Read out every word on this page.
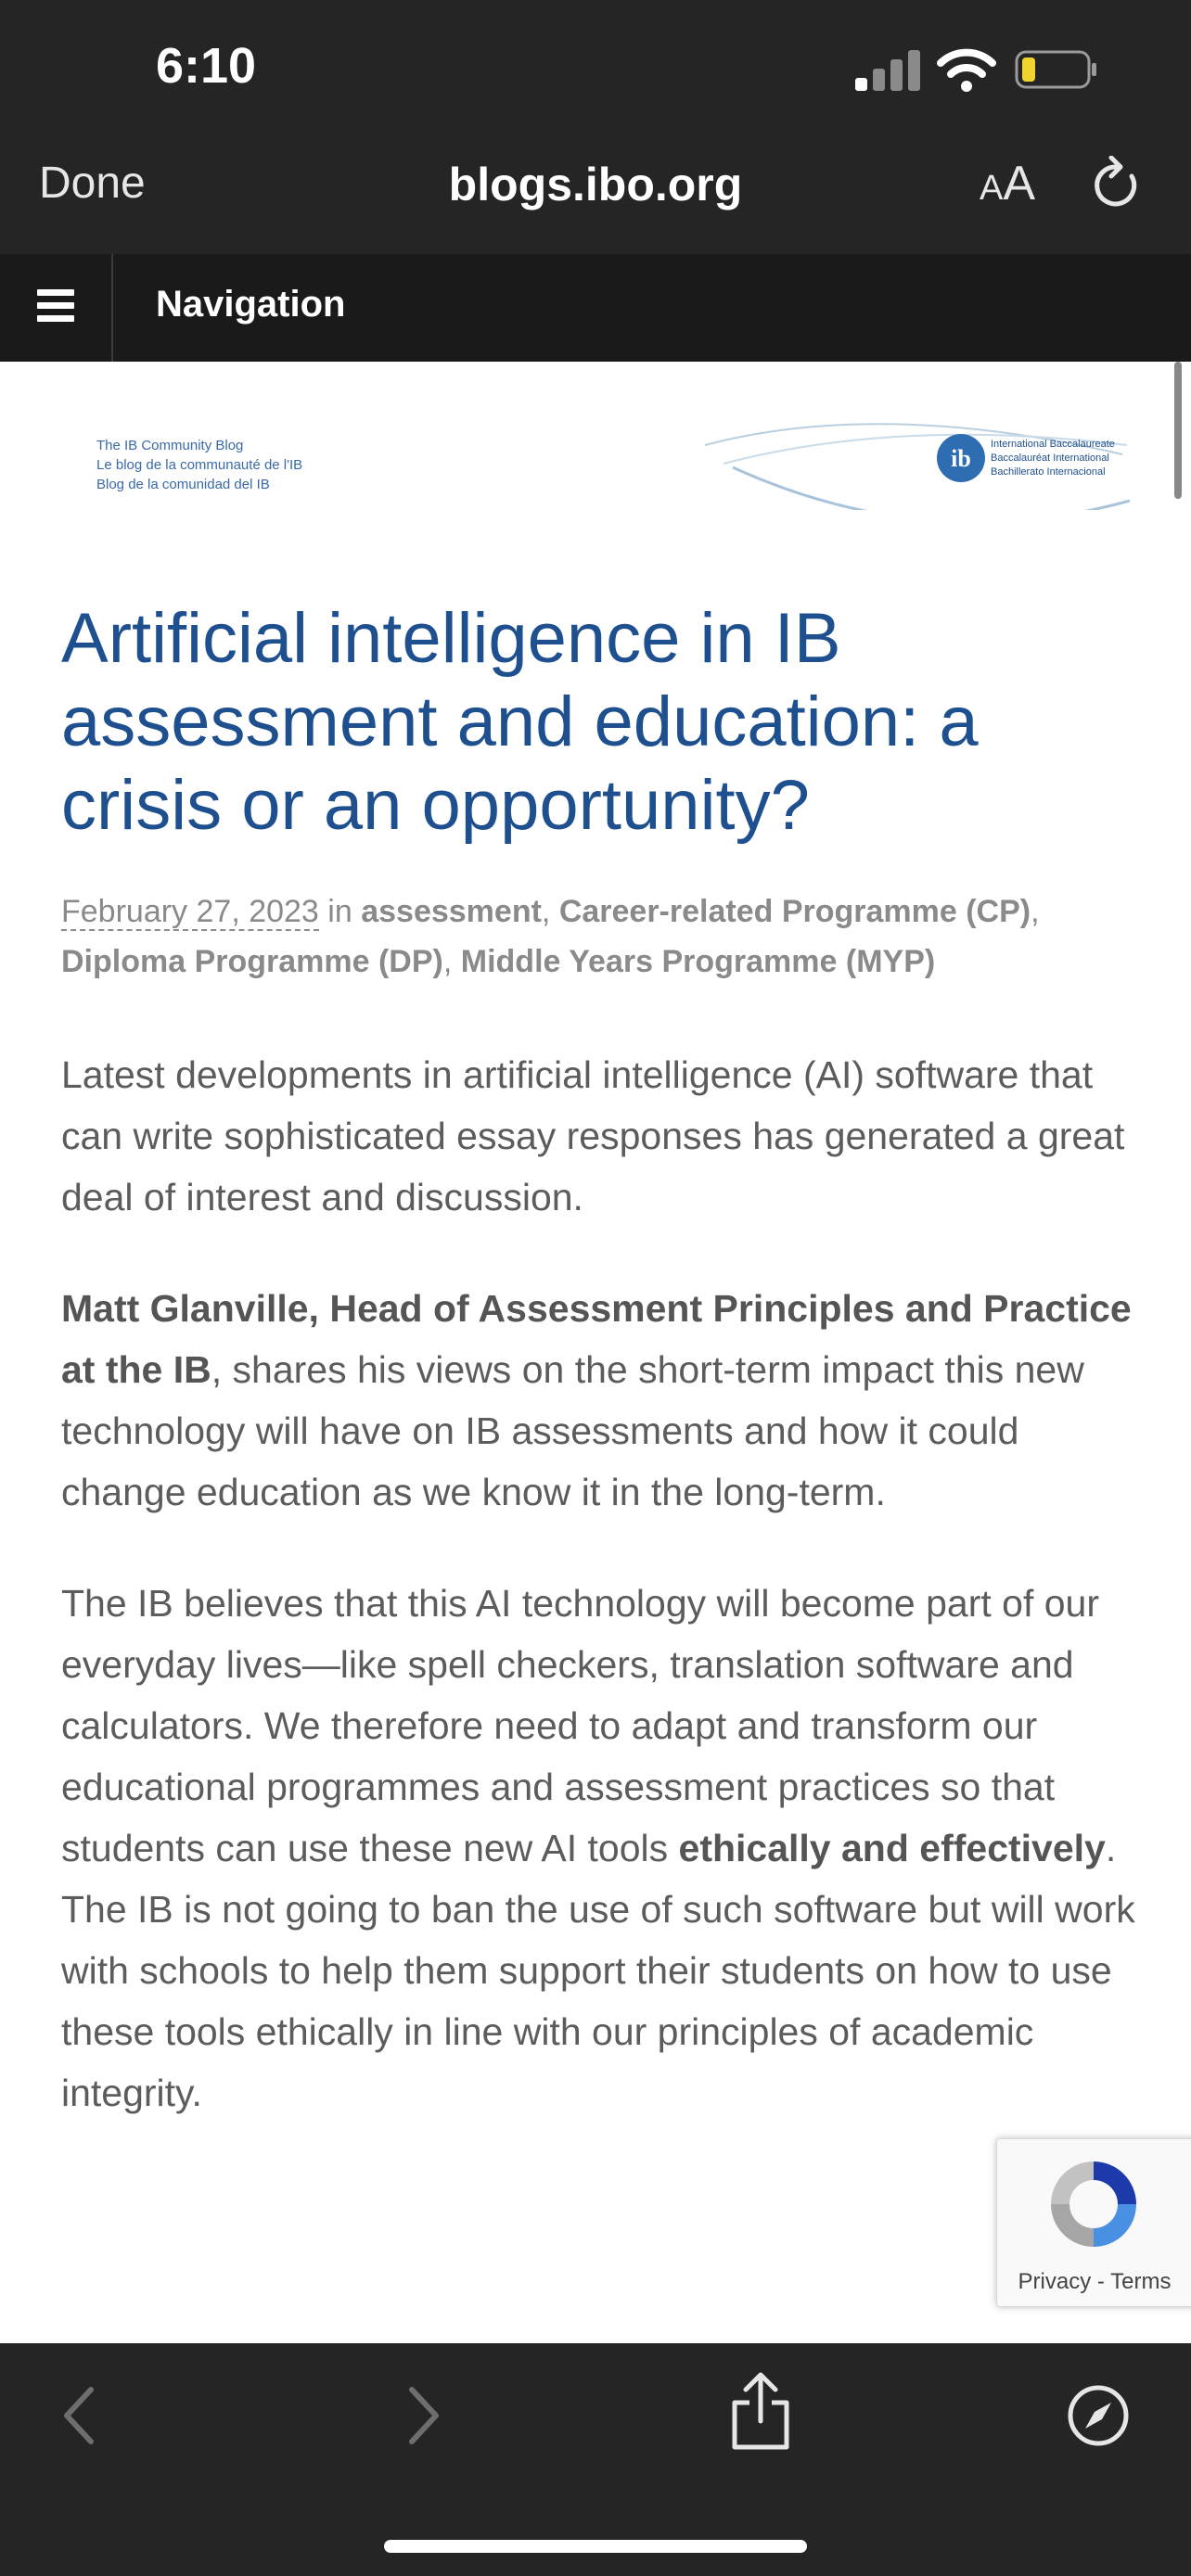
6:10
blogs.ibo.org
Done	AA
Navigation
The IB Community Blog
Le blog de la communauté de l'IB
Blog de la comunidad del IB
ib
International Baccalaureate
Baccalauréat International
Bachillerato Internacional
Artificial intelligence in IB assessment and education: a crisis or an opportunity?
February 27, 2023 in assessment, Career-related Programme (CP), Diploma Programme (DP), Middle Years Programme (MYP)

Latest developments in artificial intelligence (AI) software that can write sophisticated essay responses has generated a great deal of interest and discussion.

Matt Glanville, Head of Assessment Principles and Practice at the IB, shares his views on the short-term impact this new technology will have on IB assessments and how it could change education as we know it in the long-term.

The IB believes that this AI technology will become part of our everyday lives—like spell checkers, translation software and calculators. We therefore need to adapt and transform our educational programmes and assessment practices so that students can use these new AI tools ethically and effectively. The IB is not going to ban the use of such software but will work with schools to help them support their students on how to use these tools ethically in line with our principles of academic integrity.

Privacy - Terms
